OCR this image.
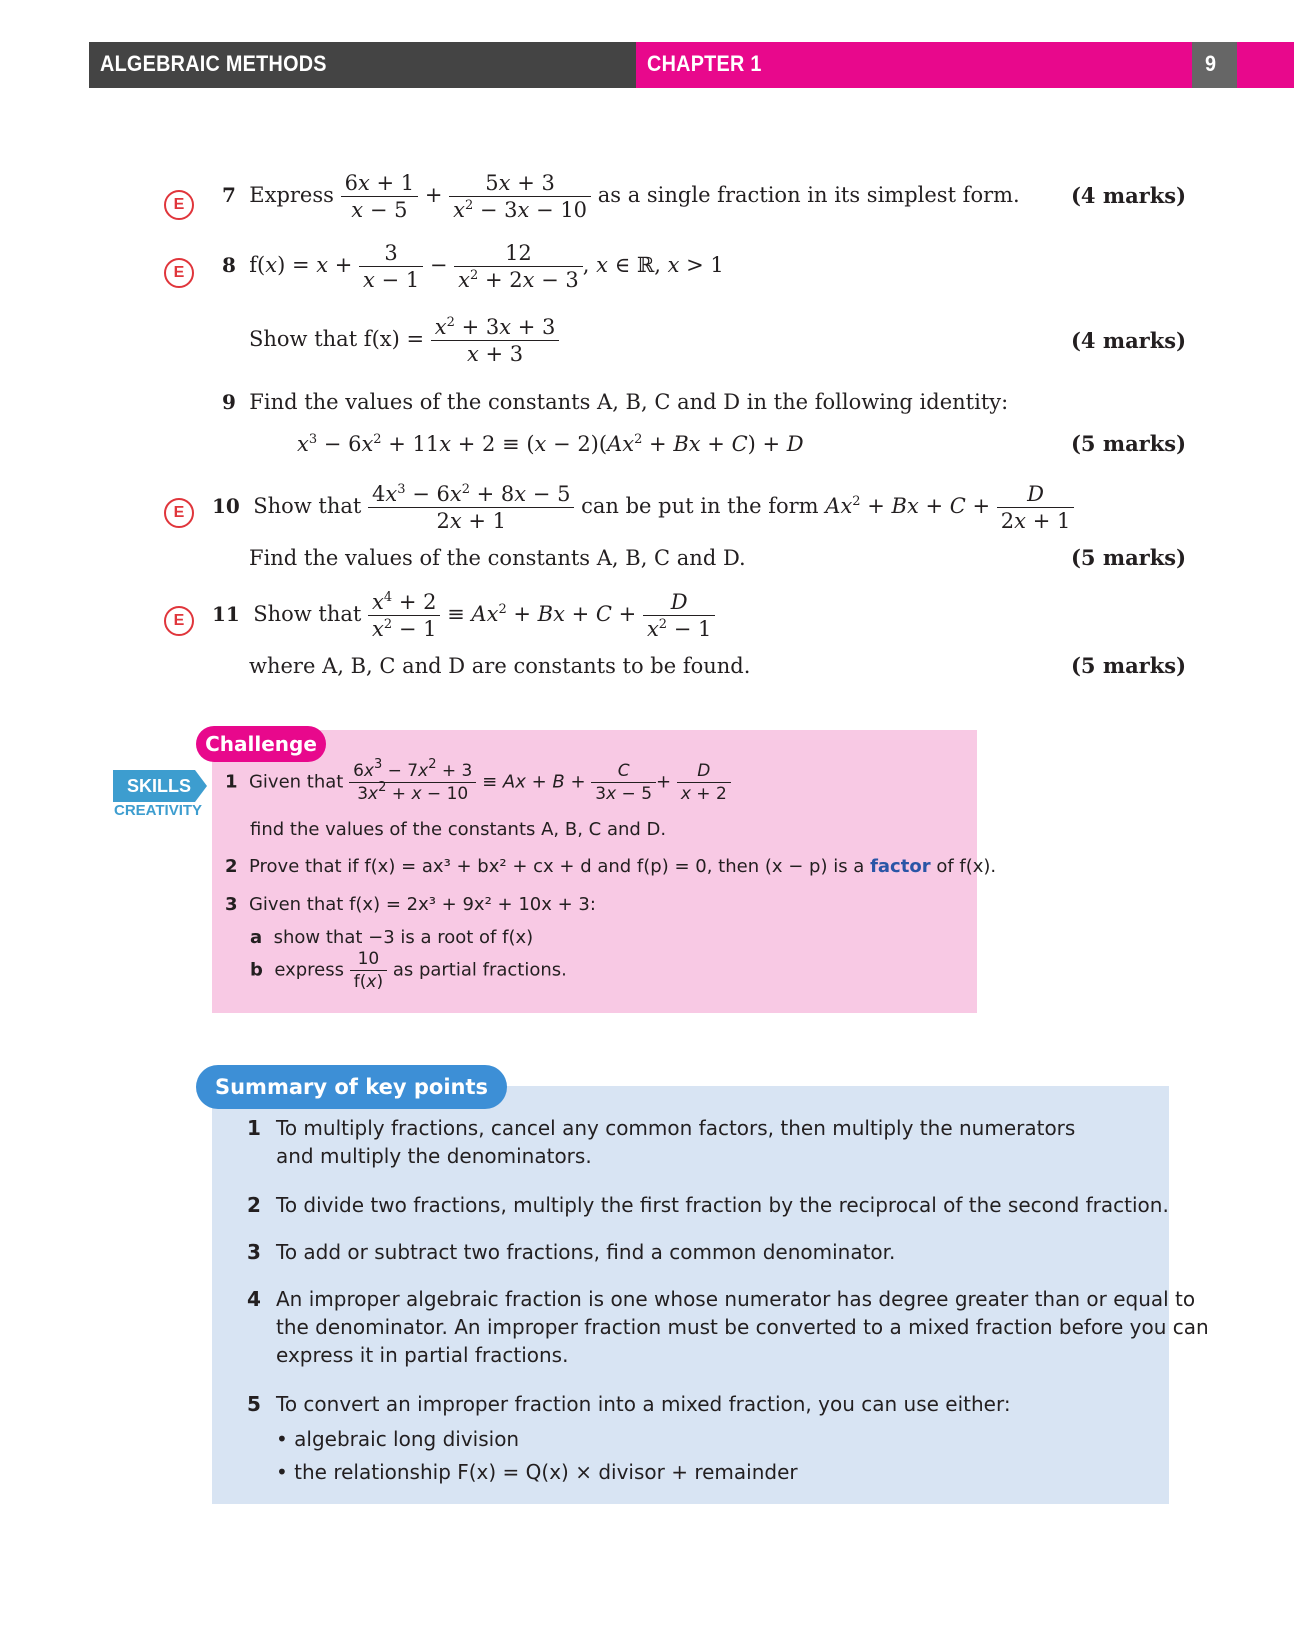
ALGEBRAIC METHODS	CHAPTER 1	9
E	7 Express $\frac{6x + 1}{x - 5} + \frac{5x + 3}{x^2 - 3x - 10}$ as a single fraction in its simplest form. (4 marks)
E	8  $f(x) = x + \frac{3}{x - 1} - \frac{12}{x^2 + 2x - 3}$ , x ∈ ℝ, x > 1
Show that $f(x) = \frac{x^2 + 3x + 3}{x + 3}$	(4 marks)
9 Find the values of the constants A, B, C and D in the following identity:
$x^3 - 6x^2 + 11x + 2 \equiv (x - 2)(Ax^2 + Bx + C) + D$	(5 marks)
E	10 Show that $\frac{4x^3 - 6x^2 + 8x - 5}{2x + 1}$ can be put in the form $Ax^2 + Bx + C + \frac{D}{2x + 1}$
Find the values of the constants A, B, C and D.	(5 marks)
E	11 Show that $\frac{x^4 + 2}{x^2 - 1} \equiv Ax^2 + Bx + C + \frac{D}{x^2 - 1}$
where A, B, C and D are constants to be found.	(5 marks)
Challenge
SKILLS
CREATIVITY
1 Given that $\frac{6x^3 - 7x^2 + 3}{3x^2 + x - 10} \equiv Ax + B + \frac{C}{3x - 5} + \frac{D}{x + 2}$
find the values of the constants A, B, C and D.
2 Prove that if f(x) = ax³ + bx² + cx + d and f(p) = 0, then (x − p) is a factor of f(x).
3 Given that f(x) = 2x³ + 9x² + 10x + 3:
a show that −3 is a root of f(x)
b express $\frac{10}{f(x)}$ as partial fractions.
Summary of key points
1 To multiply fractions, cancel any common factors, then multiply the numerators
and multiply the denominators.
2 To divide two fractions, multiply the first fraction by the reciprocal of the second fraction.
3 To add or subtract two fractions, find a common denominator.
4 An improper algebraic fraction is one whose numerator has degree greater than or equal to
the denominator. An improper fraction must be converted to a mixed fraction before you can
express it in partial fractions.
5 To convert an improper fraction into a mixed fraction, you can use either:
• algebraic long division
• the relationship F(x) = Q(x) × divisor + remainder
